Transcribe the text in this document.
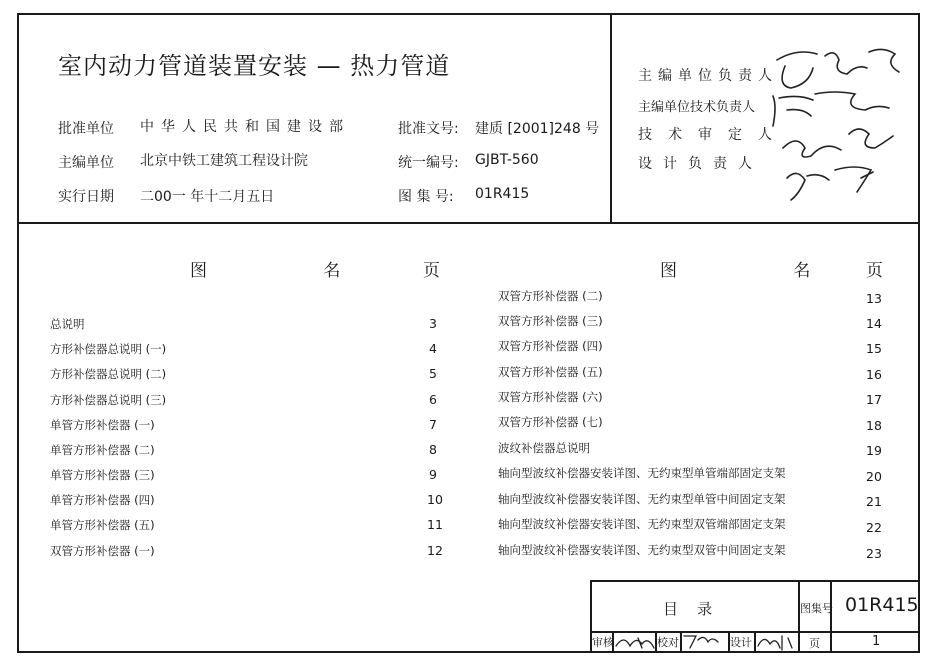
室内动力管道装置安装 — 热力管道
批准单位 中华人民共和国建设部
主编单位 北京中铁工建筑工程设计院
实行日期 二00一 年十二月五日
批准文号: 建质 [2001]248 号
统一编号: GJBT-560
图 集 号: 01R415
主编单位负责人
主编单位技术负责人
技术审定人
设计负责人
图      名	页	图      名	页
总说明	3
方形补偿器总说明 (一)	4
方形补偿器总说明 (二)	5
方形补偿器总说明 (三)	6
单管方形补偿器 (一)	7
单管方形补偿器 (二)	8
单管方形补偿器 (三)	9
单管方形补偿器 (四)	10
单管方形补偿器 (五)	11
双管方形补偿器 (一)	12
双管方形补偿器 (二)	13
双管方形补偿器 (三)	14
双管方形补偿器 (四)	15
双管方形补偿器 (五)	16
双管方形补偿器 (六)	17
双管方形补偿器 (七)	18
波纹补偿器总说明	19
轴向型波纹补偿器安装详图、无约束型单管端部固定支架	20
轴向型波纹补偿器安装详图、无约束型单管中间固定支架	21
轴向型波纹补偿器安装详图、无约束型双管端部固定支架	22
轴向型波纹补偿器安装详图、无约束型双管中间固定支架	23
目    录	图集号 01R415
审核	校对	设计	页	1
